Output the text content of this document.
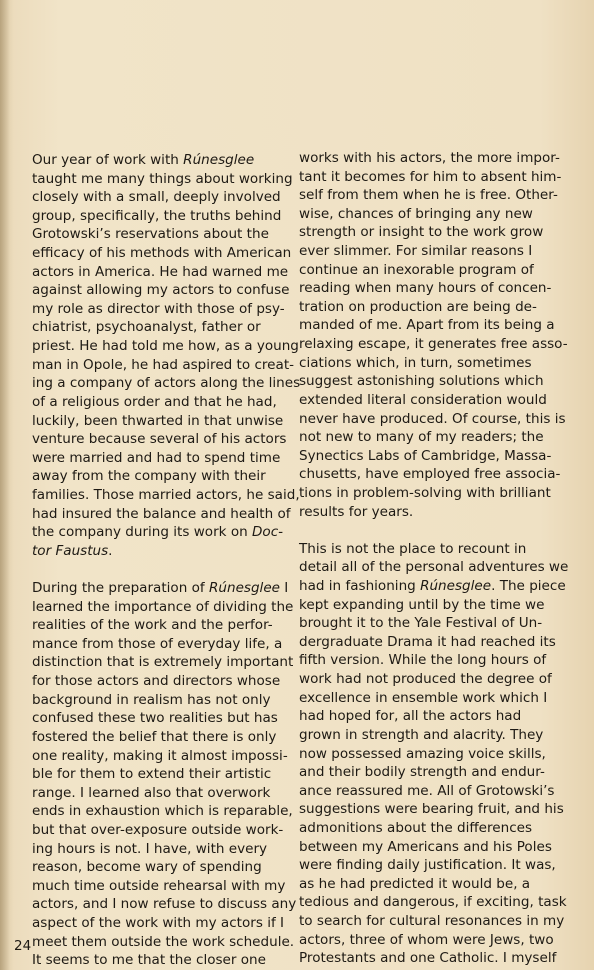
Our year of work with Rúnesglee
taught me many things about working
closely with a small, deeply involved
group, specifically, the truths behind
Grotowski’s reservations about the
efficacy of his methods with American
actors in America. He had warned me
against allowing my actors to confuse
my role as director with those of psy-
chiatrist, psychoanalyst, father or
priest. He had told me how, as a young
man in Opole, he had aspired to creat-
ing a company of actors along the lines
of a religious order and that he had,
luckily, been thwarted in that unwise
venture because several of his actors
were married and had to spend time
away from the company with their
families. Those married actors, he said,
had insured the balance and health of
the company during its work on Doc-
tor Faustus.
During the preparation of Rúnesglee I
learned the importance of dividing the
realities of the work and the perfor-
mance from those of everyday life, a
distinction that is extremely important
for those actors and directors whose
background in realism has not only
confused these two realities but has
fostered the belief that there is only
one reality, making it almost impossi-
ble for them to extend their artistic
range. I learned also that overwork
ends in exhaustion which is reparable,
but that over-exposure outside work-
ing hours is not. I have, with every
reason, become wary of spending
much time outside rehearsal with my
actors, and I now refuse to discuss any
aspect of the work with my actors if I
meet them outside the work schedule.
It seems to me that the closer one
works with his actors, the more impor-
tant it becomes for him to absent him-
self from them when he is free. Other-
wise, chances of bringing any new
strength or insight to the work grow
ever slimmer. For similar reasons I
continue an inexorable program of
reading when many hours of concen-
tration on production are being de-
manded of me. Apart from its being a
relaxing escape, it generates free asso-
ciations which, in turn, sometimes
suggest astonishing solutions which
extended literal consideration would
never have produced. Of course, this is
not new to many of my readers; the
Synectics Labs of Cambridge, Massa-
chusetts, have employed free associa-
tions in problem-solving with brilliant
results for years.
This is not the place to recount in
detail all of the personal adventures we
had in fashioning Rúnesglee. The piece
kept expanding until by the time we
brought it to the Yale Festival of Un-
dergraduate Drama it had reached its
fifth version. While the long hours of
work had not produced the degree of
excellence in ensemble work which I
had hoped for, all the actors had
grown in strength and alacrity. They
now possessed amazing voice skills,
and their bodily strength and endur-
ance reassured me. All of Grotowski’s
suggestions were bearing fruit, and his
admonitions about the differences
between my Americans and his Poles
were finding daily justification. It was,
as he had predicted it would be, a
tedious and dangerous, if exciting, task
to search for cultural resonances in my
actors, three of whom were Jews, two
Protestants and one Catholic. I myself
24
